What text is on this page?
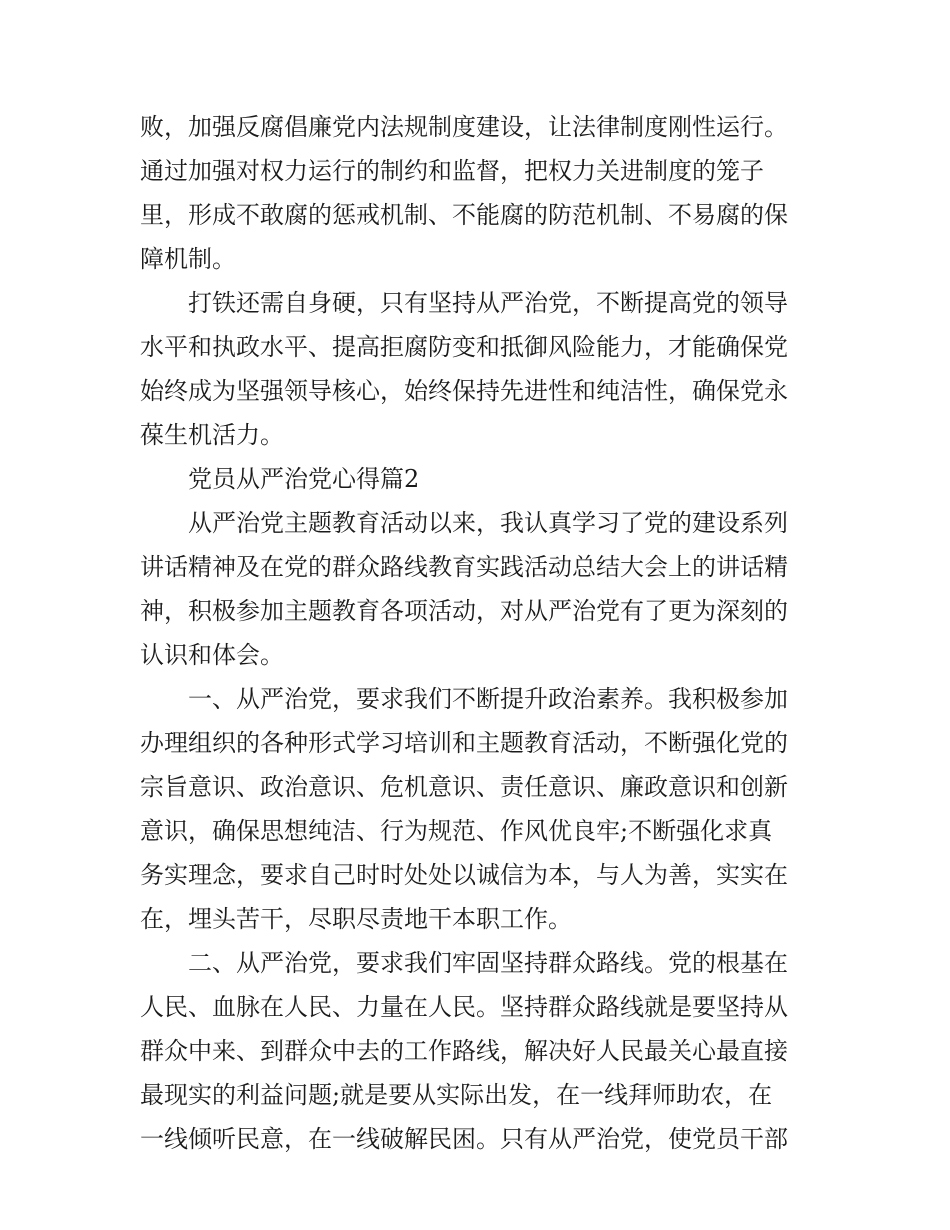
败，加强反腐倡廉党内法规制度建设，让法律制度刚性运行。
通过加强对权力运行的制约和监督，把权力关进制度的笼子
里，形成不敢腐的惩戒机制、不能腐的防范机制、不易腐的保
障机制。
打铁还需自身硬，只有坚持从严治党，不断提高党的领导
水平和执政水平、提高拒腐防变和抵御风险能力，才能确保党
始终成为坚强领导核心，始终保持先进性和纯洁性，确保党永
葆生机活力。
党员从严治党心得篇2
从严治党主题教育活动以来，我认真学习了党的建设系列
讲话精神及在党的群众路线教育实践活动总结大会上的讲话精
神，积极参加主题教育各项活动，对从严治党有了更为深刻的
认识和体会。
一、从严治党，要求我们不断提升政治素养。我积极参加
办理组织的各种形式学习培训和主题教育活动，不断强化党的
宗旨意识、政治意识、危机意识、责任意识、廉政意识和创新
意识，确保思想纯洁、行为规范、作风优良牢;不断强化求真
务实理念，要求自己时时处处以诚信为本，与人为善，实实在
在，埋头苦干，尽职尽责地干本职工作。
二、从严治党，要求我们牢固坚持群众路线。党的根基在
人民、血脉在人民、力量在人民。坚持群众路线就是要坚持从
群众中来、到群众中去的工作路线，解决好人民最关心最直接
最现实的利益问题;就是要从实际出发，在一线拜师助农，在
一线倾听民意，在一线破解民困。只有从严治党，使党员干部
